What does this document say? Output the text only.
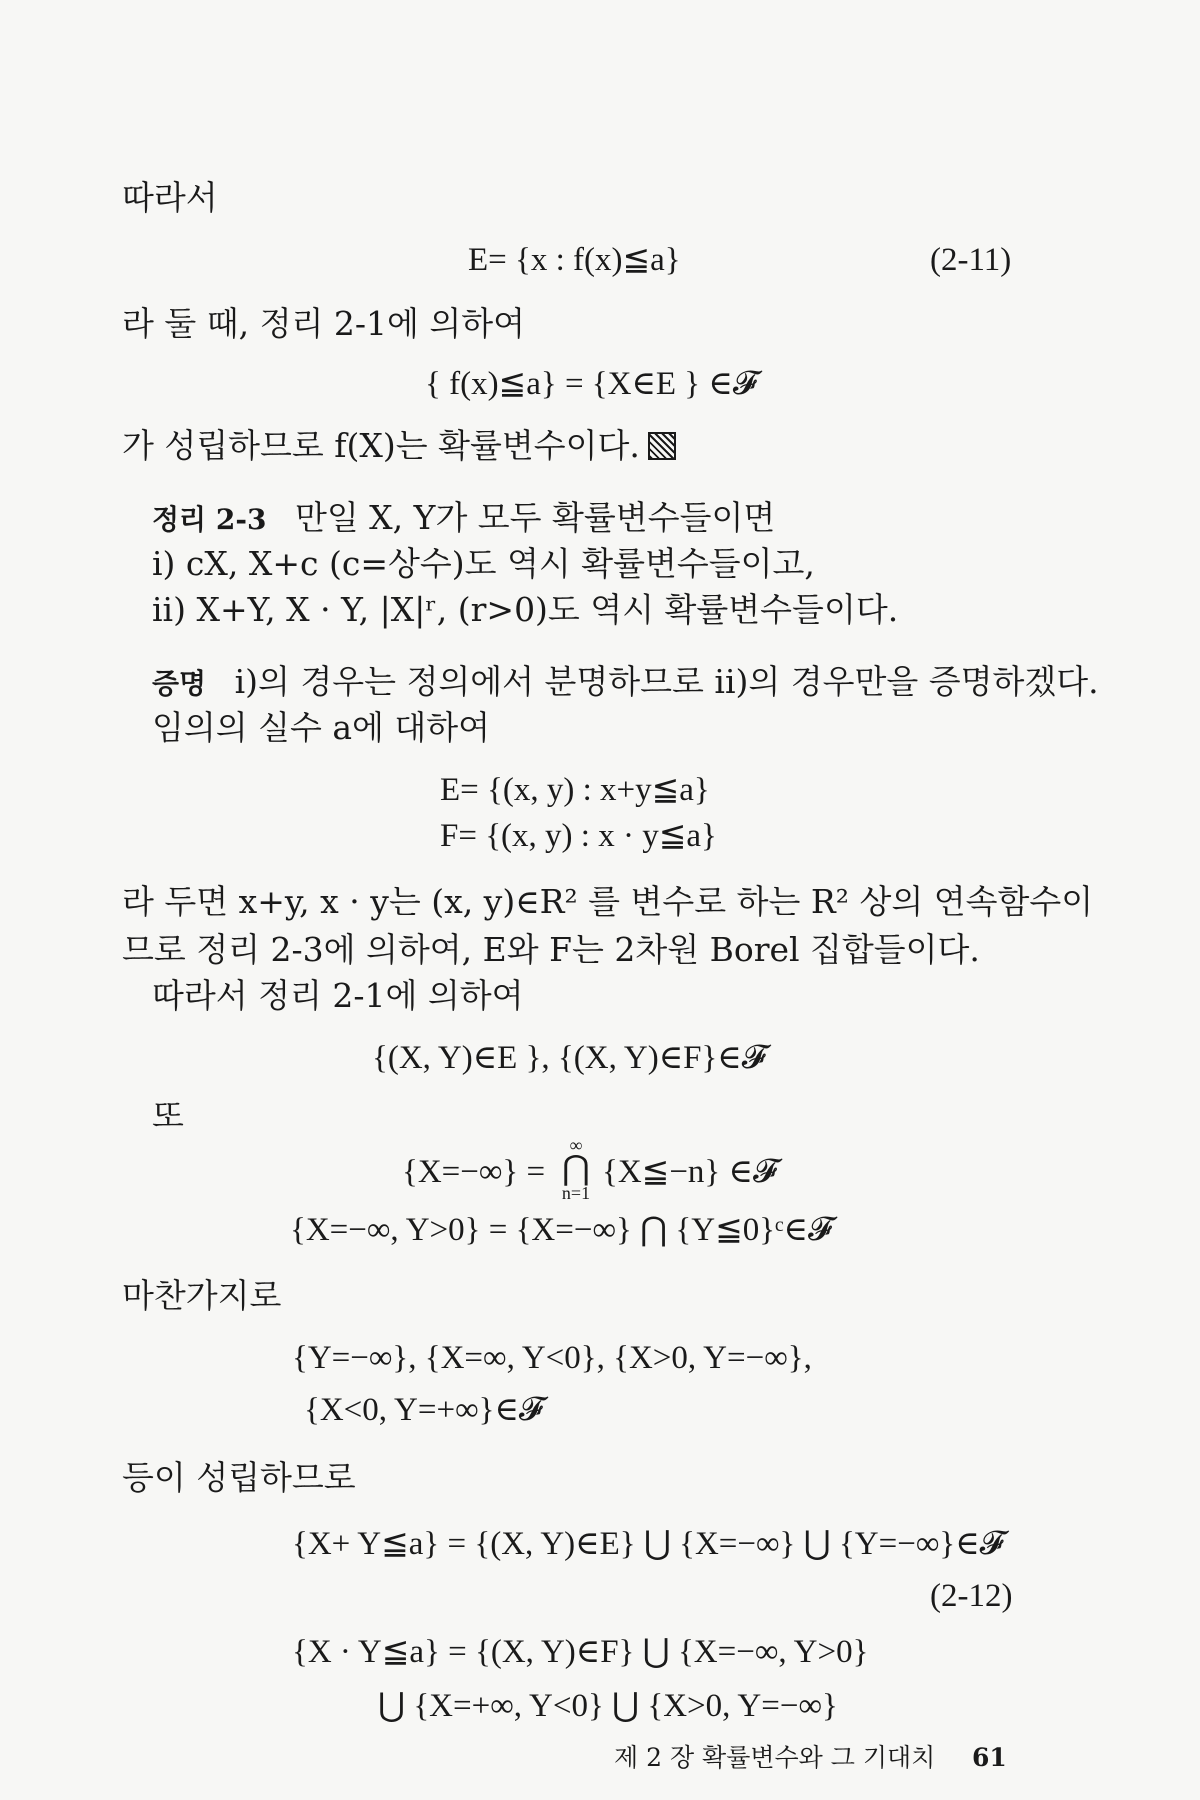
따라서
E= {x : f(x)≦a}	(2-11)
라 둘 때, 정리 2-1에 의하여
{ f(x)≦a} = {X∈E } ∈𝓕
가 성립하므로 f(X)는 확률변수이다.
정리 2-3 만일 X, Y가 모두 확률변수들이면
i) cX, X+c (c=상수)도 역시 확률변수들이고,
ii) X+Y, X · Y, |X|ʳ, (r>0)도 역시 확률변수들이다.
증명 i)의 경우는 정의에서 분명하므로 ii)의 경우만을 증명하겠다.
임의의 실수 a에 대하여
E= {(x, y) : x+y≦a}
F= {(x, y) : x · y≦a}
라 두면 x+y, x · y는 (x, y)∈R² 를 변수로 하는 R² 상의 연속함수이
므로 정리 2-3에 의하여, E와 F는 2차원 Borel 집합들이다.
따라서 정리 2-1에 의하여
{(X, Y)∈E }, {(X, Y)∈F}∈𝓕
또
{X=−∞} =
∞
⋂
n=1
{X≦−n} ∈𝓕
{X=−∞, Y>0} = {X=−∞} ⋂ {Y≦0}ᶜ∈𝓕
마찬가지로
{Y=−∞}, {X=∞, Y<0}, {X>0, Y=−∞},
{X<0, Y=+∞}∈𝓕
등이 성립하므로
{X+ Y≦a} = {(X, Y)∈E} ⋃ {X=−∞} ⋃ {Y=−∞}∈𝓕
(2-12)
{X · Y≦a} = {(X, Y)∈F} ⋃ {X=−∞, Y>0}
⋃ {X=+∞, Y<0} ⋃ {X>0, Y=−∞}
제 2 장 확률변수와 그 기대치 61
